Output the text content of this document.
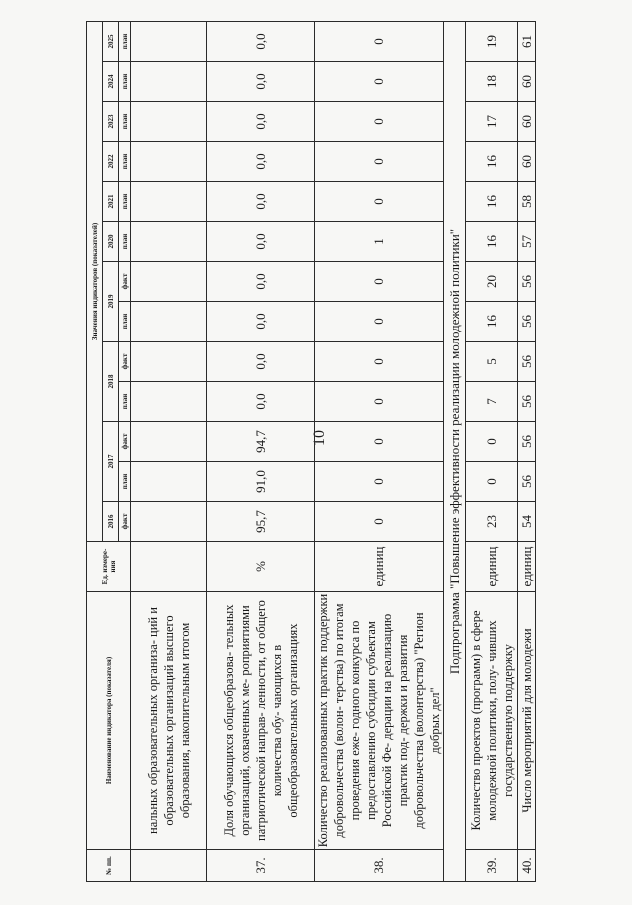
10
№ пп.	Наименование индикатора (показателя)	Ед. измере- ния	Значения индикаторов (показателей)												
			2016	2017		2018		2019		2020	2021	2022	2023	2024	2025
			факт	план	факт	план	факт	план	факт	план	план	план	план	план	план
	нальных образовательных организа- ций и образовательных организаций высшего образования, накопительным итогом														
37.	Доля обучающихся общеобразова- тельных организаций, охваченных ме- роприятиями патриотической направ- ленности, от общего количества обу- чающихся в общеобразовательных организациях	%	95,7	91,0	94,7	0,0	0,0	0,0	0,0	0,0	0,0	0,0	0,0	0,0	0,0
38.	Количество реализованных практик поддержки добровольчества (волон- терства) по итогам проведения еже- годного конкурса по предоставлению субсидии субъектам Российской Фе- дерации на реализацию практик под- держки и развития добровольчества (волонтерства) "Регион добрых дел"	единиц	0	0	0	0	0	0	0	1	0	0	0	0	0
Подпрограмма "Повышение эффективности реализации молодежной политики"															
39.	Количество проектов (программ) в сфере молодежной политики, полу- чивших государственную поддержку	единиц	23	0	0	7	5	16	20	16	16	16	17	18	19
40.	Число мероприятий для молодежи	единиц	54	56	56	56	56	56	56	57	58	60	60	60	61
